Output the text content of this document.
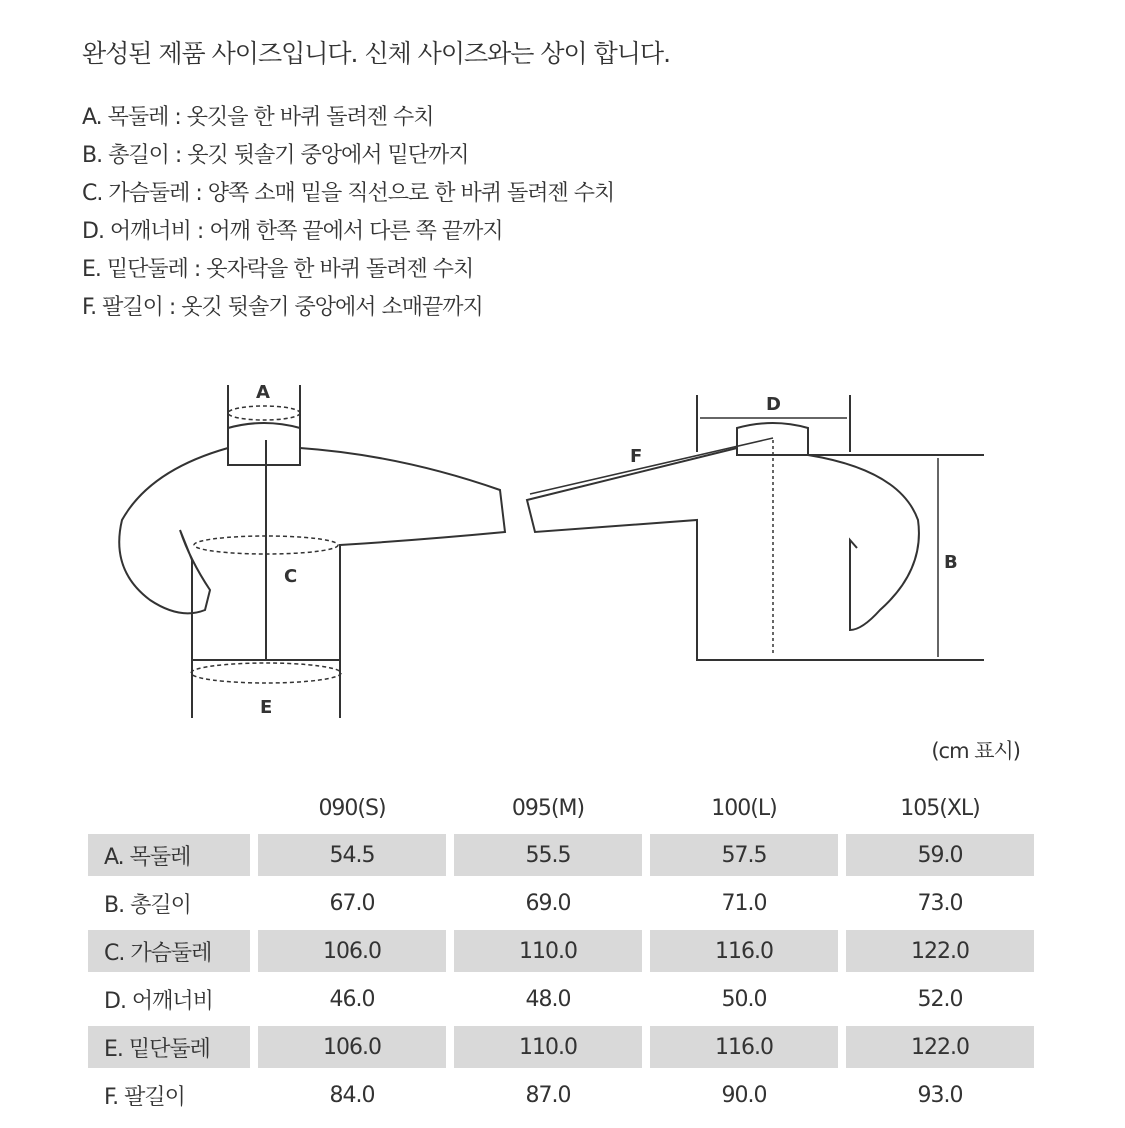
완성된 제품 사이즈입니다. 신체 사이즈와는 상이 합니다.
A. 목둘레 : 옷깃을 한 바퀴 돌려젠 수치
B. 총길이 : 옷깃 뒷솔기 중앙에서 밑단까지
C. 가슴둘레 : 양쪽 소매 밑을 직선으로 한 바퀴 돌려젠 수치
D. 어깨너비 : 어깨 한쪽 끝에서 다른 쪽 끝까지
E. 밑단둘레 : 옷자락을 한 바퀴 돌려젠 수치
F. 팔길이 : 옷깃 뒷솔기 중앙에서 소매끝까지
A
B
C
D
E
F
(cm 표시)
	090(S)	095(M)	100(L)	105(XL)
A. 목둘레	54.5	55.5	57.5	59.0
B. 총길이	67.0	69.0	71.0	73.0
C. 가슴둘레	106.0	110.0	116.0	122.0
D. 어깨너비	46.0	48.0	50.0	52.0
E. 밑단둘레	106.0	110.0	116.0	122.0
F. 팔길이	84.0	87.0	90.0	93.0
